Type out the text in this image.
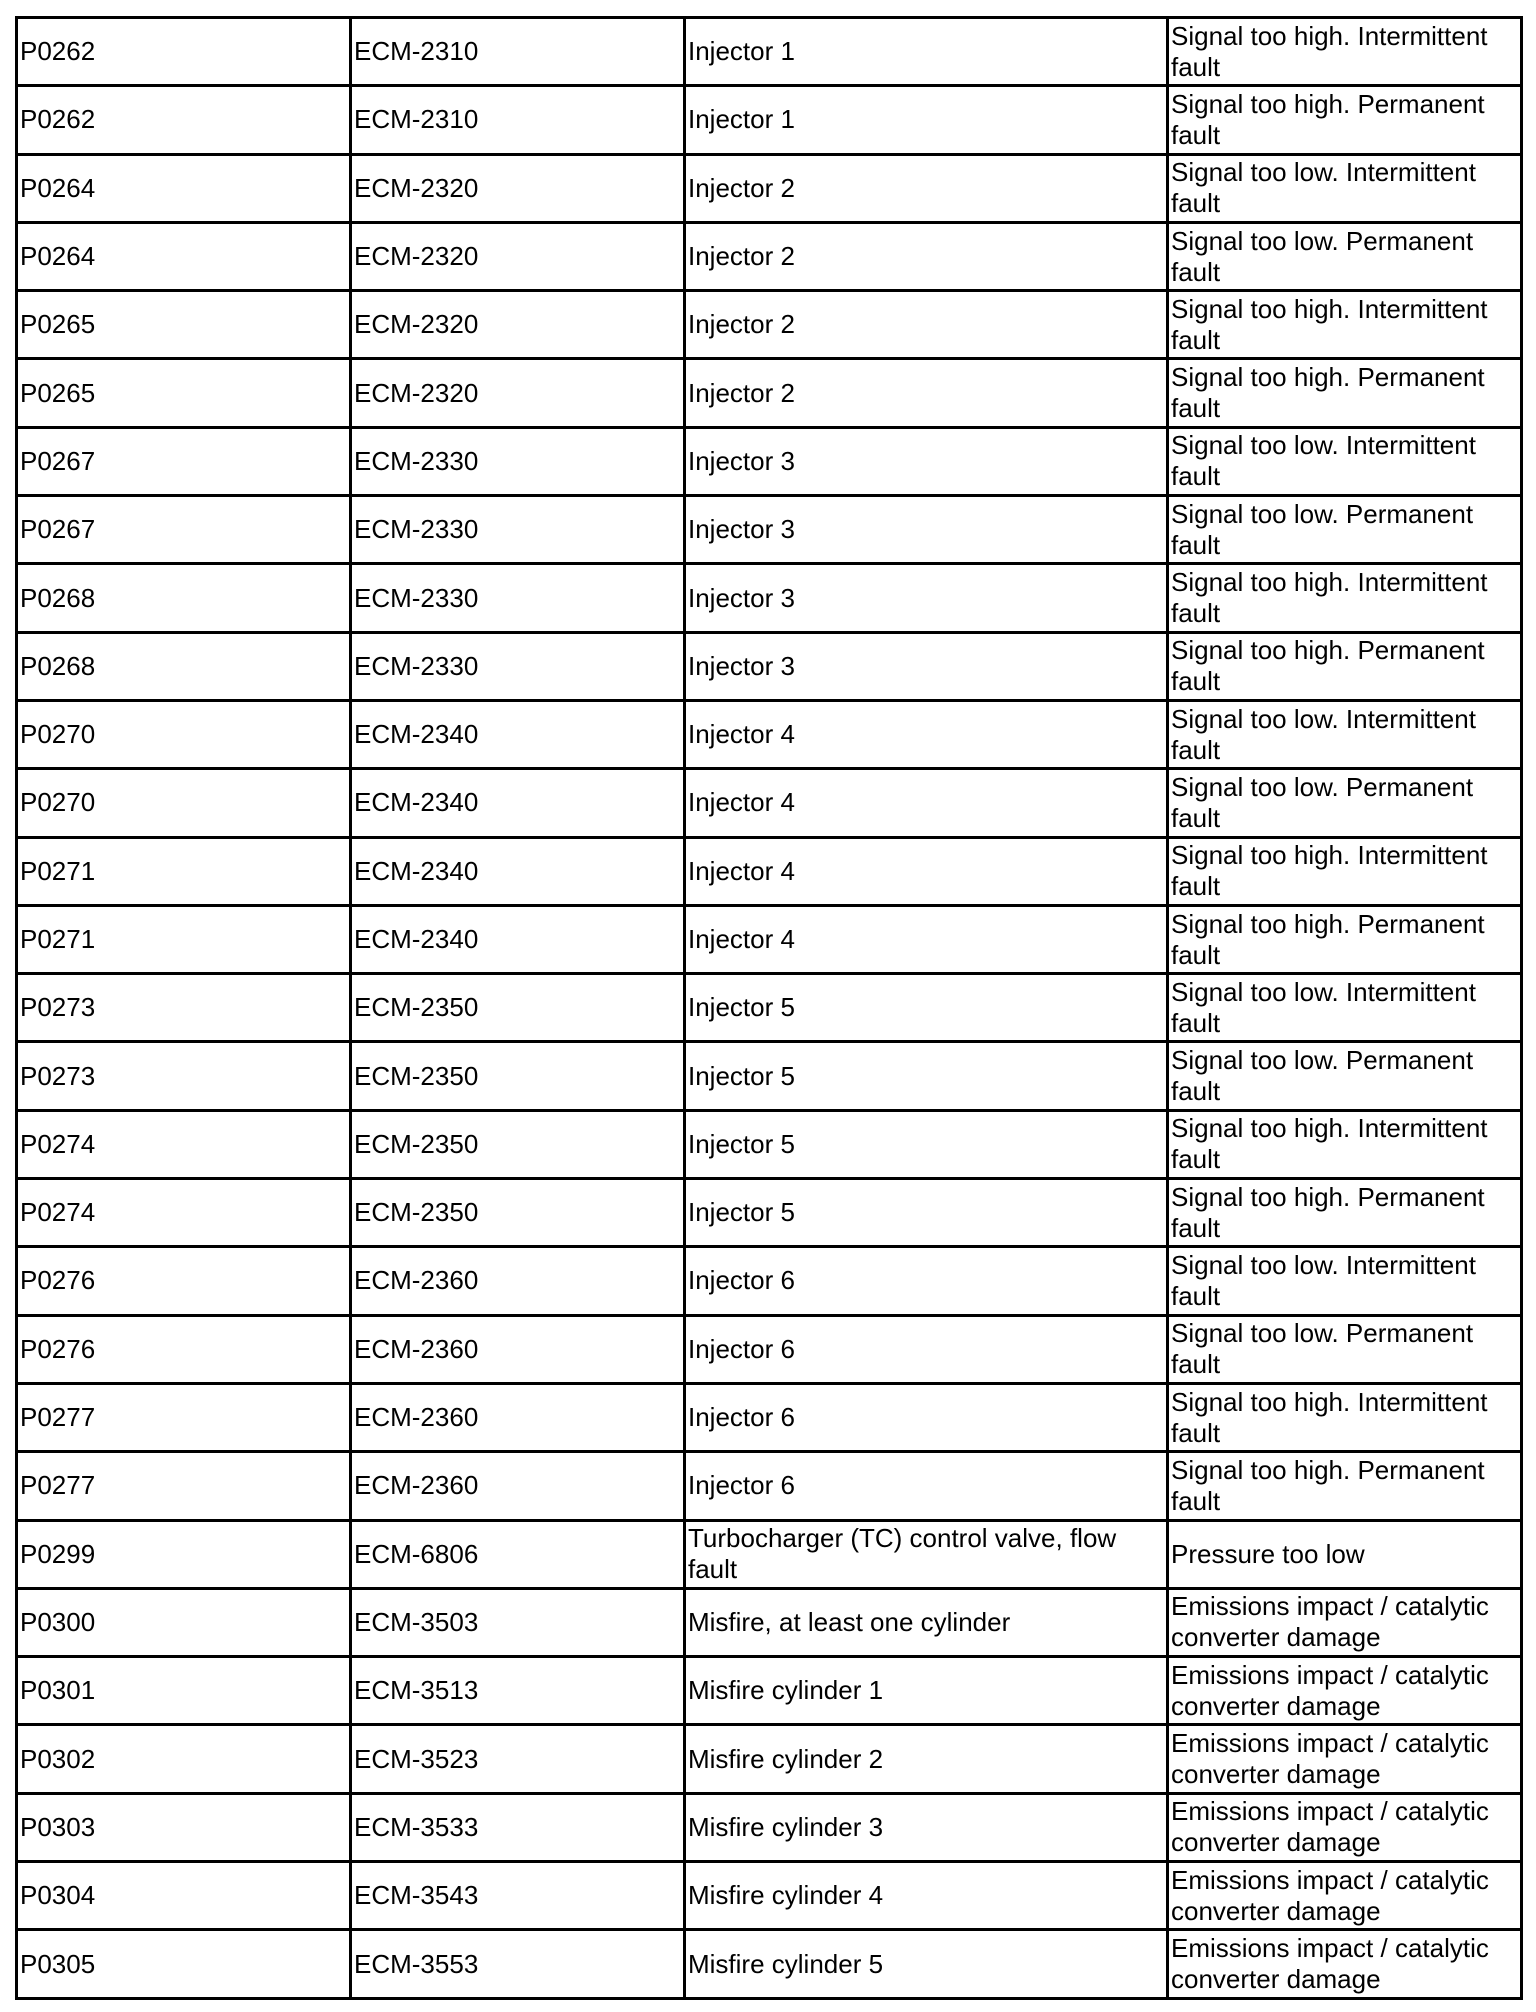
P0262	ECM-2310	Injector 1	Signal too high. Intermittent fault
P0262	ECM-2310	Injector 1	Signal too high. Permanent fault
P0264	ECM-2320	Injector 2	Signal too low. Intermittent fault
P0264	ECM-2320	Injector 2	Signal too low. Permanent fault
P0265	ECM-2320	Injector 2	Signal too high. Intermittent fault
P0265	ECM-2320	Injector 2	Signal too high. Permanent fault
P0267	ECM-2330	Injector 3	Signal too low. Intermittent fault
P0267	ECM-2330	Injector 3	Signal too low. Permanent fault
P0268	ECM-2330	Injector 3	Signal too high. Intermittent fault
P0268	ECM-2330	Injector 3	Signal too high. Permanent fault
P0270	ECM-2340	Injector 4	Signal too low. Intermittent fault
P0270	ECM-2340	Injector 4	Signal too low. Permanent fault
P0271	ECM-2340	Injector 4	Signal too high. Intermittent fault
P0271	ECM-2340	Injector 4	Signal too high. Permanent fault
P0273	ECM-2350	Injector 5	Signal too low. Intermittent fault
P0273	ECM-2350	Injector 5	Signal too low. Permanent fault
P0274	ECM-2350	Injector 5	Signal too high. Intermittent fault
P0274	ECM-2350	Injector 5	Signal too high. Permanent fault
P0276	ECM-2360	Injector 6	Signal too low. Intermittent fault
P0276	ECM-2360	Injector 6	Signal too low. Permanent fault
P0277	ECM-2360	Injector 6	Signal too high. Intermittent fault
P0277	ECM-2360	Injector 6	Signal too high. Permanent fault
P0299	ECM-6806	Turbocharger (TC) control valve, flow fault	Pressure too low
P0300	ECM-3503	Misfire, at least one cylinder	Emissions impact / catalytic converter damage
P0301	ECM-3513	Misfire cylinder 1	Emissions impact / catalytic converter damage
P0302	ECM-3523	Misfire cylinder 2	Emissions impact / catalytic converter damage
P0303	ECM-3533	Misfire cylinder 3	Emissions impact / catalytic converter damage
P0304	ECM-3543	Misfire cylinder 4	Emissions impact / catalytic converter damage
P0305	ECM-3553	Misfire cylinder 5	Emissions impact / catalytic converter damage
